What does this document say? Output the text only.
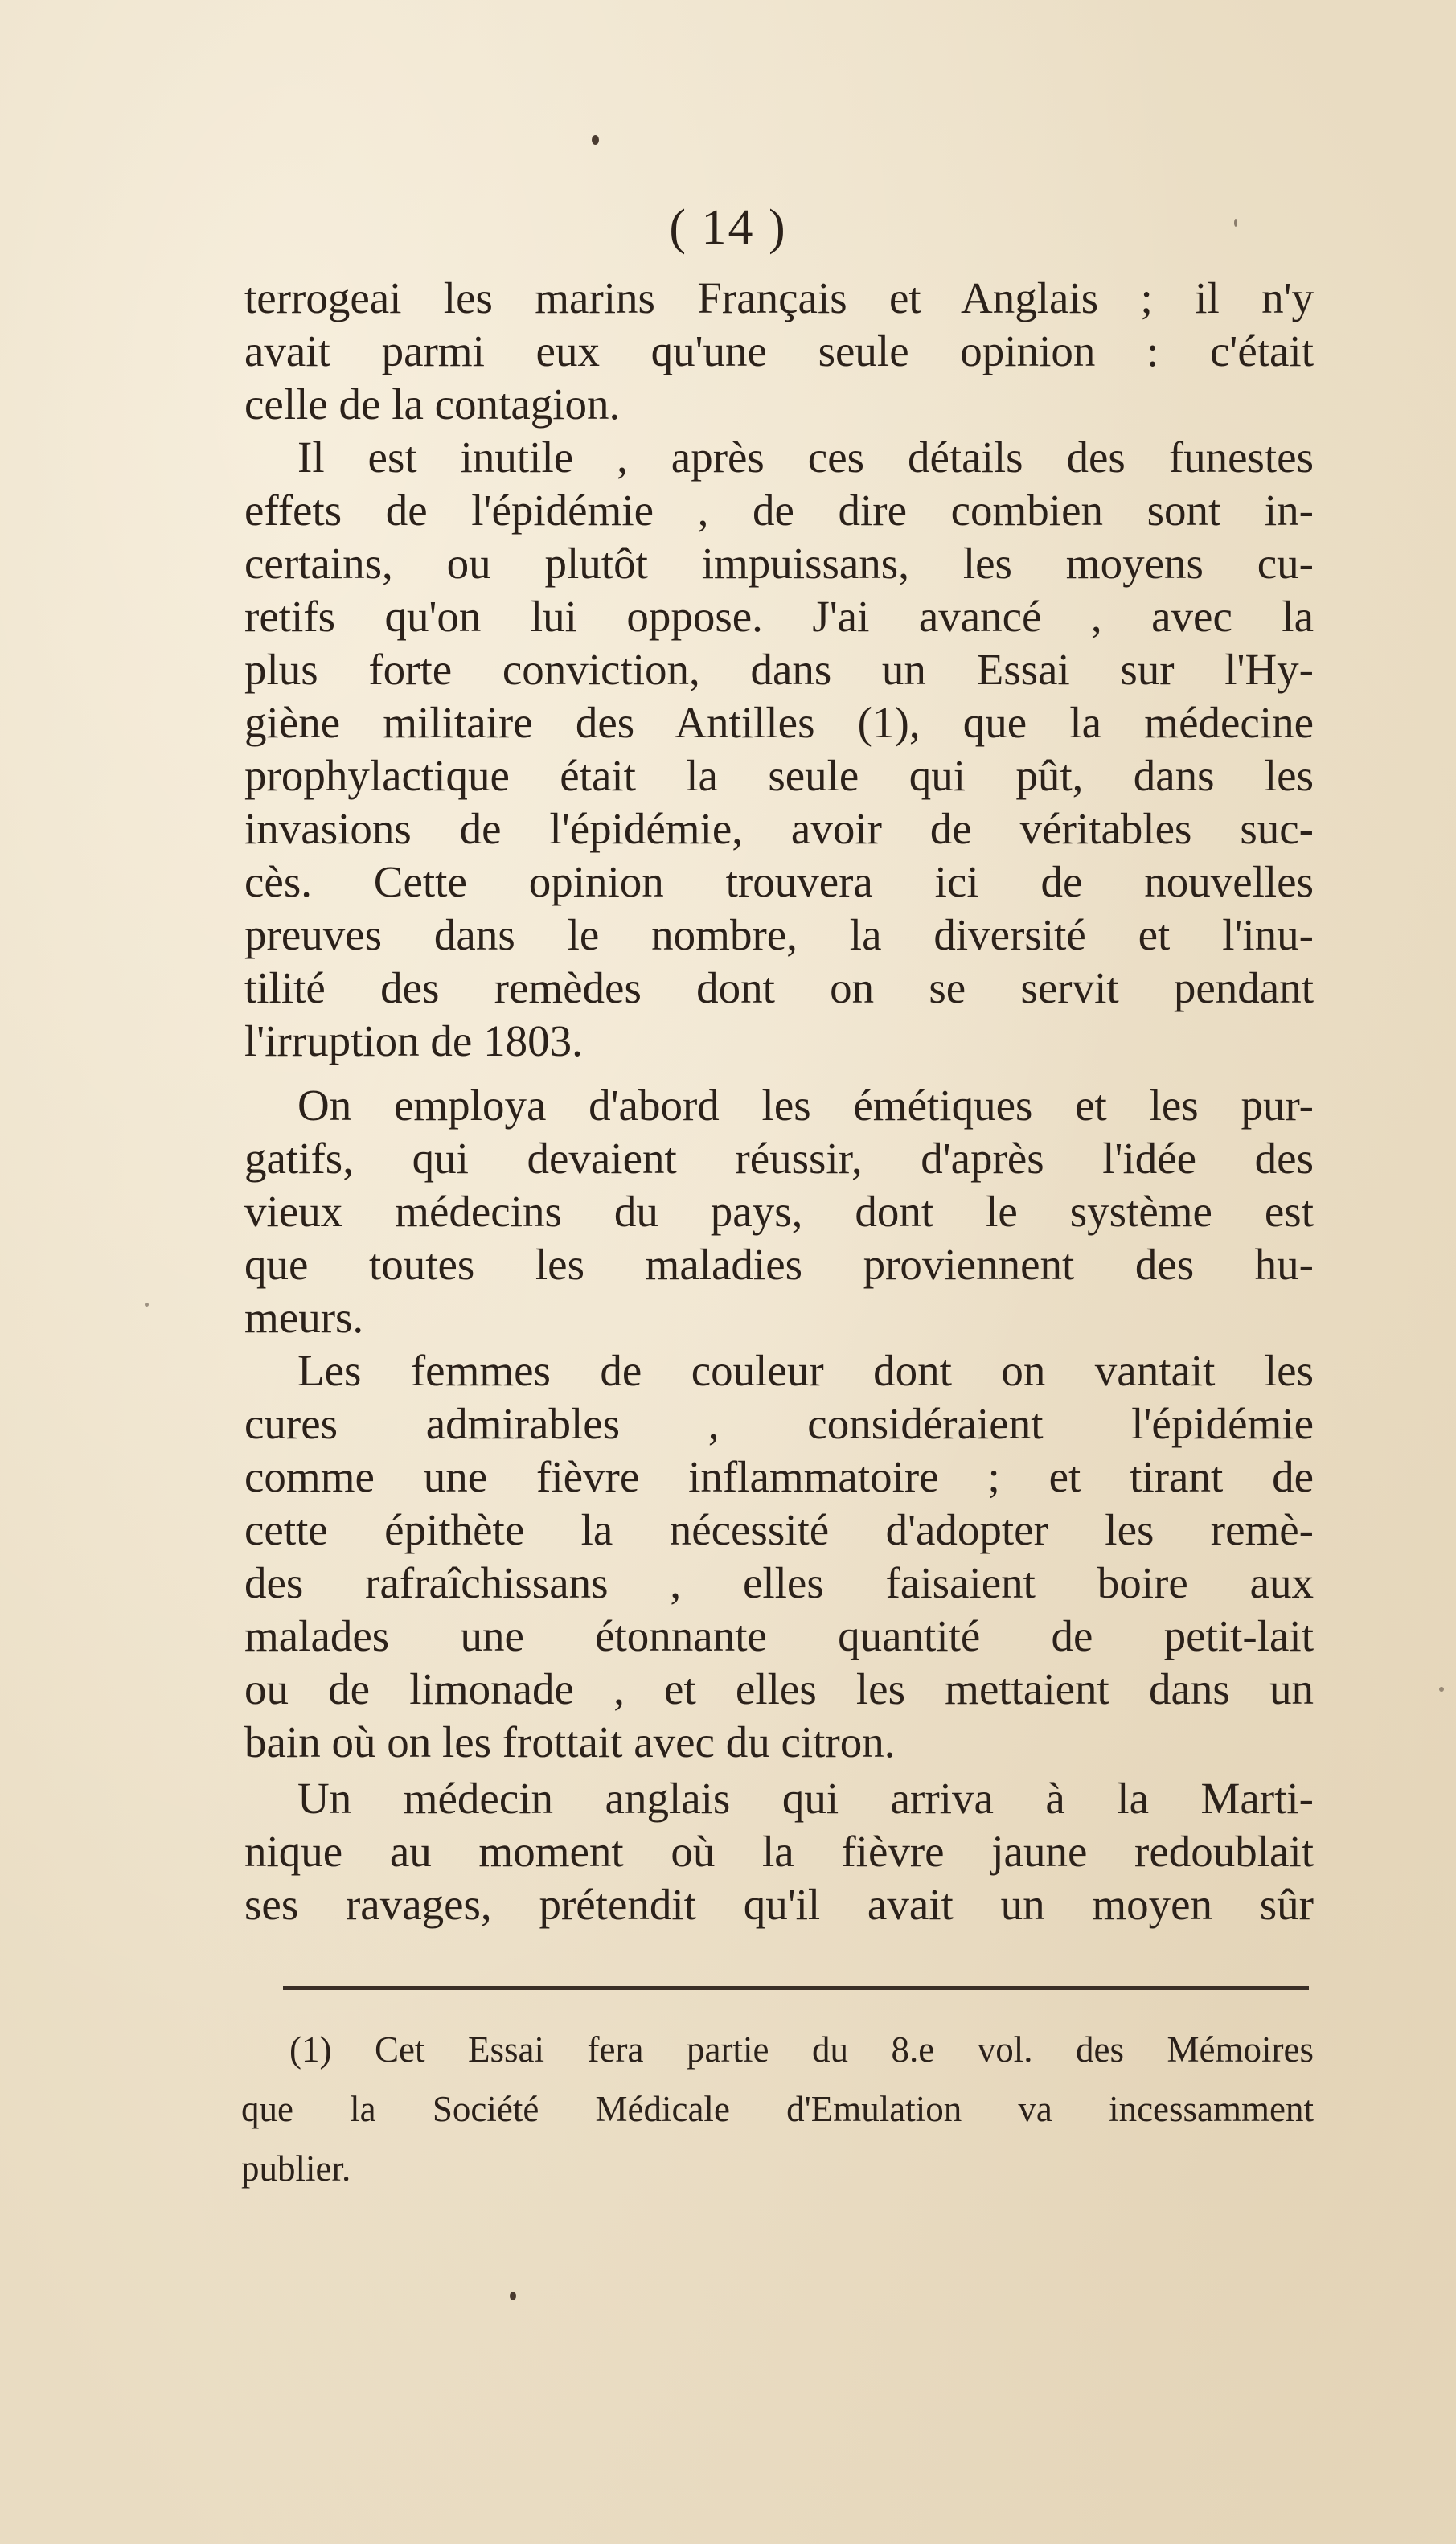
( 14 )
terrogeai les marins Français et Anglais ; il n'y
avait parmi eux qu'une seule opinion : c'était
celle de la contagion.
Il est inutile , après ces détails des funestes
effets de l'épidémie , de dire combien sont in-
certains, ou plutôt impuissans, les moyens cu-
retifs qu'on lui oppose. J'ai avancé , avec la
plus forte conviction, dans un Essai sur l'Hy-
giène militaire des Antilles (1), que la médecine
prophylactique était la seule qui pût, dans les
invasions de l'épidémie, avoir de véritables suc-
cès. Cette opinion trouvera ici de nouvelles
preuves dans le nombre, la diversité et l'inu-
tilité des remèdes dont on se servit pendant
l'irruption de 1803.
On employa d'abord les émétiques et les pur-
gatifs, qui devaient réussir, d'après l'idée des
vieux médecins du pays, dont le système est
que toutes les maladies proviennent des hu-
meurs.
Les femmes de couleur dont on vantait les
cures admirables , considéraient l'épidémie
comme une fièvre inflammatoire ; et tirant de
cette épithète la nécessité d'adopter les remè-
des rafraîchissans , elles faisaient boire aux
malades une étonnante quantité de petit-lait
ou de limonade , et elles les mettaient dans un
bain où on les frottait avec du citron.
Un médecin anglais qui arriva à la Marti-
nique au moment où la fièvre jaune redoublait
ses ravages, prétendit qu'il avait un moyen sûr
(1) Cet Essai fera partie du 8.e vol. des Mémoires
que la Société Médicale d'Emulation va incessamment
publier.
